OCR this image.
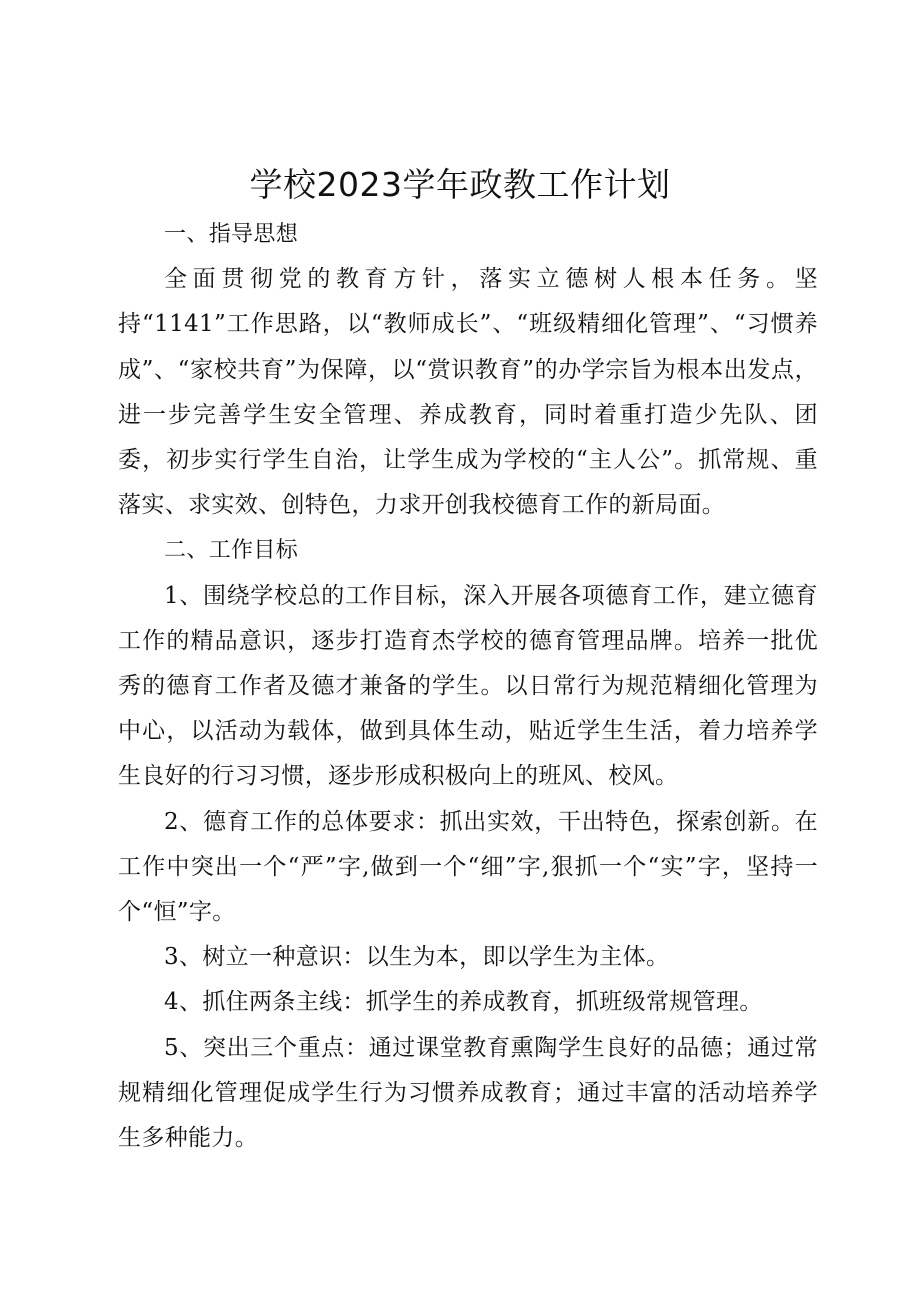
学校2023学年政教工作计划

一、指导思想

全面贯彻党的教育方针，落实立德树人根本任务。坚持“1141”工作思路，以“教师成长”、“班级精细化管理”、“习惯养成”、“家校共育”为保障，以“赏识教育”的办学宗旨为根本出发点，进一步完善学生安全管理、养成教育，同时着重打造少先队、团委，初步实行学生自治，让学生成为学校的“主人公”。抓常规、重落实、求实效、创特色，力求开创我校德育工作的新局面。

二、工作目标

1、围绕学校总的工作目标，深入开展各项德育工作，建立德育工作的精品意识，逐步打造育杰学校的德育管理品牌。培养一批优秀的德育工作者及德才兼备的学生。以日常行为规范精细化管理为中心，以活动为载体，做到具体生动，贴近学生生活，着力培养学生良好的行习习惯，逐步形成积极向上的班风、校风。

2、德育工作的总体要求：抓出实效，干出特色，探索创新。在工作中突出一个“严”字,做到一个“细”字,狠抓一个“实”字，坚持一个“恒”字。

3、树立一种意识：以生为本，即以学生为主体。

4、抓住两条主线：抓学生的养成教育，抓班级常规管理。

5、突出三个重点：通过课堂教育熏陶学生良好的品德；通过常规精细化管理促成学生行为习惯养成教育；通过丰富的活动培养学生多种能力。
